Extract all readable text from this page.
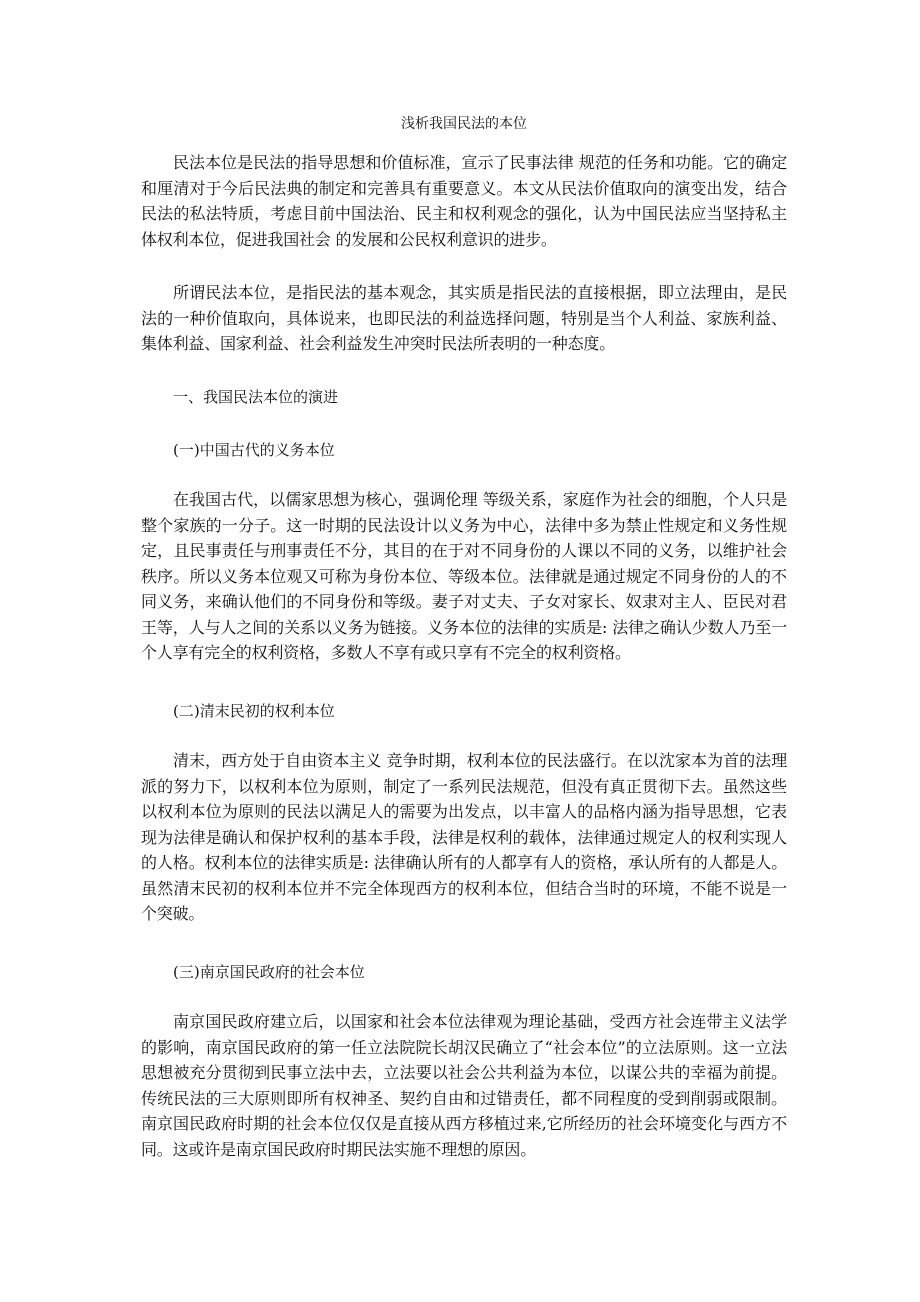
浅析我国民法的本位

民法本位是民法的指导思想和价值标准，宣示了民事法律 规范的任务和功能。它的确定和厘清对于今后民法典的制定和完善具有重要意义。本文从民法价值取向的演变出发，结合民法的私法特质，考虑目前中国法治、民主和权利观念的强化，认为中国民法应当坚持私主体权利本位，促进我国社会 的发展和公民权利意识的进步。

所谓民法本位，是指民法的基本观念，其实质是指民法的直接根据，即立法理由，是民法的一种价值取向，具体说来，也即民法的利益选择问题，特别是当个人利益、家族利益、集体利益、国家利益、社会利益发生冲突时民法所表明的一种态度。

一、我国民法本位的演进

(一)中国古代的义务本位

在我国古代，以儒家思想为核心，强调伦理 等级关系，家庭作为社会的细胞，个人只是整个家族的一分子。这一时期的民法设计以义务为中心，法律中多为禁止性规定和义务性规定，且民事责任与刑事责任不分，其目的在于对不同身份的人课以不同的义务，以维护社会秩序。所以义务本位观又可称为身份本位、等级本位。法律就是通过规定不同身份的人的不同义务，来确认他们的不同身份和等级。妻子对丈夫、子女对家长、奴隶对主人、臣民对君王等，人与人之间的关系以义务为链接。义务本位的法律的实质是: 法律之确认少数人乃至一个人享有完全的权利资格，多数人不享有或只享有不完全的权利资格。

(二)清末民初的权利本位

清末，西方处于自由资本主义 竞争时期，权利本位的民法盛行。在以沈家本为首的法理派的努力下，以权利本位为原则，制定了一系列民法规范，但没有真正贯彻下去。虽然这些以权利本位为原则的民法以满足人的需要为出发点，以丰富人的品格内涵为指导思想，它表现为法律是确认和保护权利的基本手段，法律是权利的载体，法律通过规定人的权利实现人的人格。权利本位的法律实质是: 法律确认所有的人都享有人的资格，承认所有的人都是人。虽然清末民初的权利本位并不完全体现西方的权利本位，但结合当时的环境，不能不说是一个突破。

(三)南京国民政府的社会本位

南京国民政府建立后，以国家和社会本位法律观为理论基础，受西方社会连带主义法学的影响，南京国民政府的第一任立法院院长胡汉民确立了“社会本位”的立法原则。这一立法思想被充分贯彻到民事立法中去，立法要以社会公共利益为本位，以谋公共的幸福为前提。传统民法的三大原则即所有权神圣、契约自由和过错责任，都不同程度的受到削弱或限制。南京国民政府时期的社会本位仅仅是直接从西方移植过来,它所经历的社会环境变化与西方不同。这或许是南京国民政府时期民法实施不理想的原因。
